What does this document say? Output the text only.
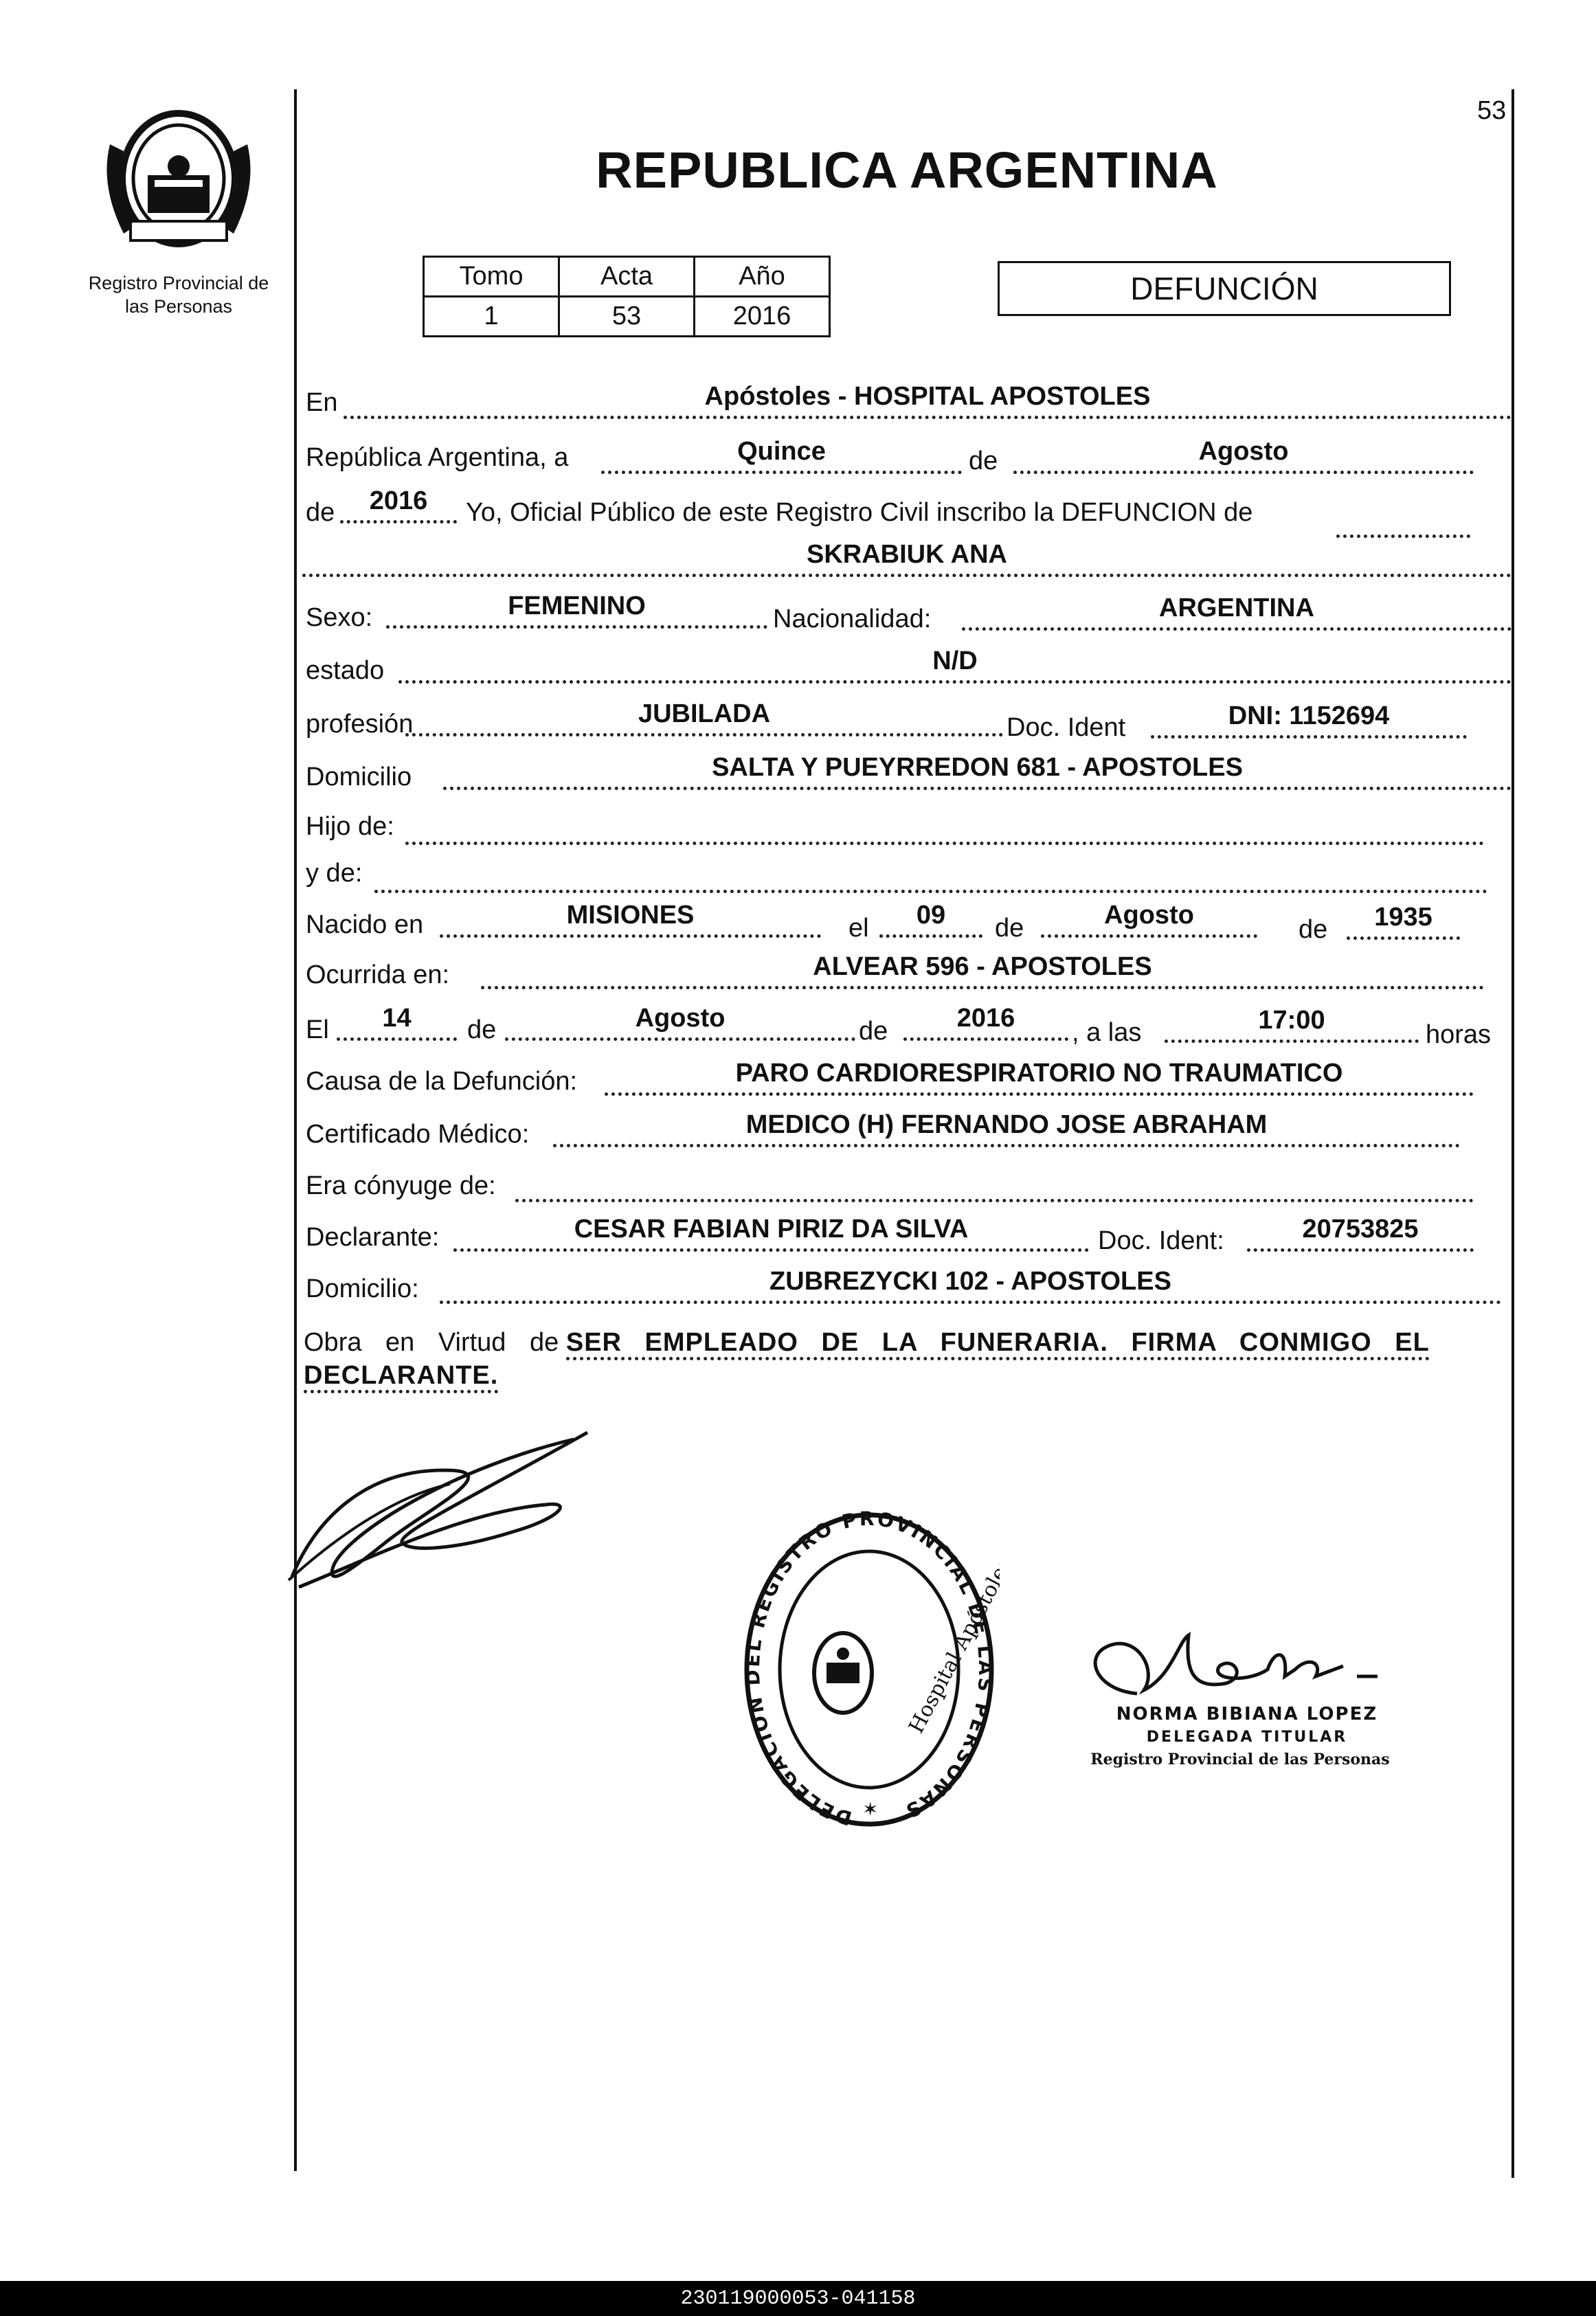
53
Registro Provincial de las Personas
REPUBLICA ARGENTINA
Tomo	Acta	Año
1	53	2016
DEFUNCIÓN
En	Apóstoles - HOSPITAL APOSTOLES
República Argentina, a	Quince	de	Agosto
de 2016 Yo, Oficial Público de este Registro Civil inscribo la DEFUNCION de
SKRABIUK ANA
Sexo:	FEMENINO	Nacionalidad:	ARGENTINA
estado	N/D
profesión	JUBILADA	Doc. Ident	DNI: 1152694
Domicilio	SALTA Y PUEYRREDON 681 - APOSTOLES
Hijo de:
y de:
Nacido en	MISIONES	el 09 de	Agosto	de 1935
Ocurrida en:	ALVEAR 596 - APOSTOLES
El 14 de	Agosto	de	2016 , a las	17:00	horas
Causa de la Defunción:	PARO CARDIORESPIRATORIO NO TRAUMATICO
Certificado Médico:	MEDICO (H) FERNANDO JOSE ABRAHAM
Era cónyuge de:
Declarante:	CESAR FABIAN PIRIZ DA SILVA	Doc. Ident:	20753825
Domicilio:	ZUBREZYCKI 102 - APOSTOLES
Obra en Virtud de SER EMPLEADO DE LA FUNERARIA. FIRMA CONMIGO EL DECLARANTE.
DELEGACION DEL REGISTRO PROVINCIAL DE LAS PERSONAS
Hospital Apóstoles
✶
NORMA BIBIANA LOPEZ
DELEGADA TITULAR
Registro Provincial de las Personas
230119000053-041158
